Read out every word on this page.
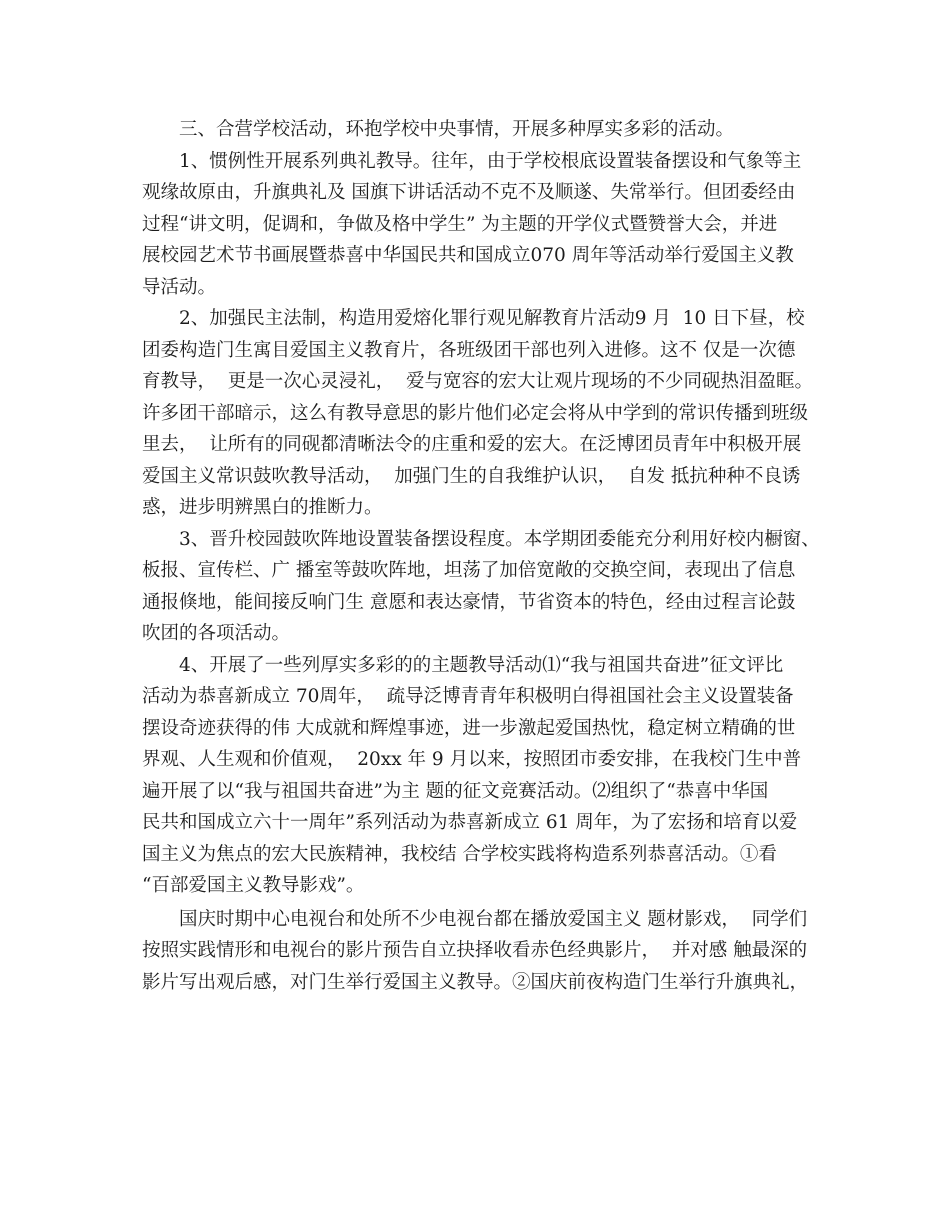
　　三、合营学校活动，环抱学校中央事情，开展多种厚实多彩的活动。
　　1、惯例性开展系列典礼教导。往年，由于学校根底设置装备摆设和气象等主
观缘故原由，升旗典礼及 国旗下讲话活动不克不及顺遂、失常举行。但团委经由
过程“讲文明，促调和，争做及格中学生” 为主题的开学仪式暨赞誉大会，并进
展校园艺术节书画展暨恭喜中华国民共和国成立070 周年等活动举行爱国主义教
导活动。
　　2、加强民主法制，构造用爱熔化罪行观见解教育片活动9 月  10 日下昼，校
团委构造门生寓目爱国主义教育片，各班级团干部也列入进修。这不 仅是一次德
育教导，  更是一次心灵浸礼，  爱与宽容的宏大让观片现场的不少同砚热泪盈眶。
许多团干部暗示，这么有教导意思的影片他们必定会将从中学到的常识传播到班级
里去，  让所有的同砚都清晰法令的庄重和爱的宏大。在泛博团员青年中积极开展
爱国主义常识鼓吹教导活动，  加强门生的自我维护认识，  自发 抵抗种种不良诱
惑，进步明辨黑白的推断力。
　　3、晋升校园鼓吹阵地设置装备摆设程度。本学期团委能充分利用好校内橱窗、
板报、宣传栏、广 播室等鼓吹阵地，坦荡了加倍宽敞的交换空间，表现出了信息
通报倏地，能间接反响门生 意愿和表达豪情，节省资本的特色，经由过程言论鼓
吹团的各项活动。
　　4、开展了一些列厚实多彩的的主题教导活动⑴“我与祖国共奋进”征文评比
活动为恭喜新成立 70周年，  疏导泛博青青年积极明白得祖国社会主义设置装备
摆设奇迹获得的伟 大成就和辉煌事迹，进一步激起爱国热忱，稳定树立精确的世
界观、人生观和价值观，  20xx 年 9 月以来，按照团市委安排，在我校门生中普
遍开展了以“我与祖国共奋进”为主 题的征文竞赛活动。⑵组织了“恭喜中华国
民共和国成立六十一周年”系列活动为恭喜新成立 61 周年，为了宏扬和培育以爱
国主义为焦点的宏大民族精神，我校结 合学校实践将构造系列恭喜活动。①看
“百部爱国主义教导影戏”。
　　国庆时期中心电视台和处所不少电视台都在播放爱国主义 题材影戏，  同学们
按照实践情形和电视台的影片预告自立抉择收看赤色经典影片，  并对感 触最深的
影片写出观后感，对门生举行爱国主义教导。②国庆前夜构造门生举行升旗典礼，
